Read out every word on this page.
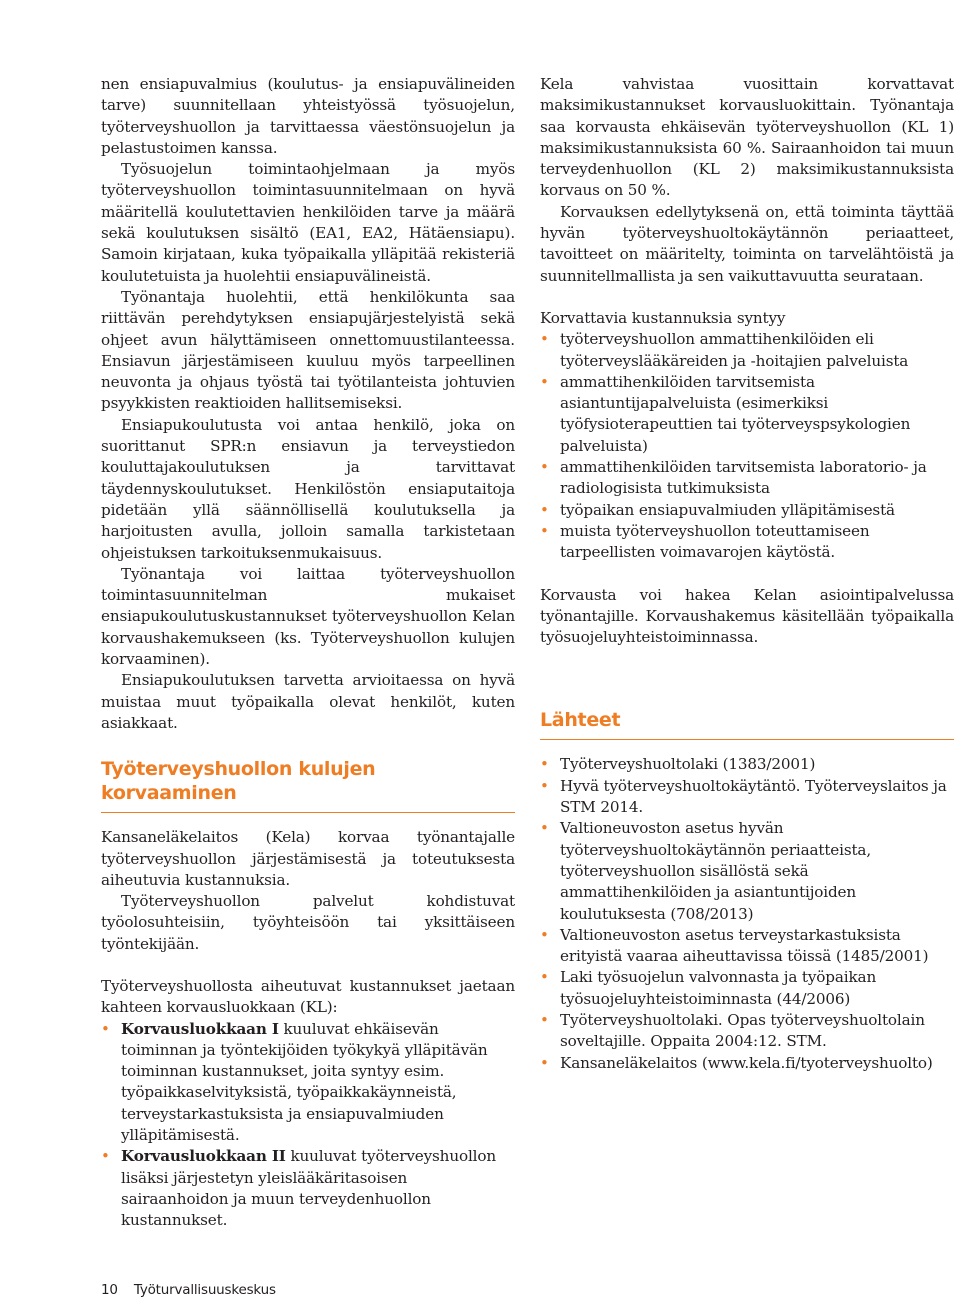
nen ensiapuvalmius (koulutus- ja ensiapuvälineiden tarve) suunnitellaan yhteistyössä työsuojelun, työterveyshuollon ja tarvittaessa väestönsuojelun ja pelastustoimen kanssa.

Työsuojelun toimintaohjelmaan ja myös työterveyshuollon toimintasuunnitelmaan on hyvä määritellä koulutettavien henkilöiden tarve ja määrä sekä koulutuksen sisältö (EA1, EA2, Hätäensiapu). Samoin kirjataan, kuka työpaikalla ylläpitää rekisteriä koulutetuista ja huolehtii ensiapuvälineistä.

Työnantaja huolehtii, että henkilökunta saa riittävän perehdytyksen ensiapujärjestelyistä sekä ohjeet avun hälyttämiseen onnettomuustilanteessa. Ensiavun järjestämiseen kuuluu myös tarpeellinen neuvonta ja ohjaus työstä tai työtilanteista johtuvien psyykkisten reaktioiden hallitsemiseksi.

Ensiapukoulutusta voi antaa henkilö, joka on suorittanut SPR:n ensiavun ja terveystiedon kouluttajakoulutuksen ja tarvittavat täydennyskoulutukset. Henkilöstön ensiaputaitoja pidetään yllä säännöllisellä koulutuksella ja harjoitusten avulla, jolloin samalla tarkistetaan ohjeistuksen tarkoituksenmukaisuus.

Työnantaja voi laittaa työterveyshuollon toimintasuunnitelman mukaiset ensiapukoulutuskustannukset työterveyshuollon Kelan korvaushakemukseen (ks. Työterveyshuollon kulujen korvaaminen).

Ensiapukoulutuksen tarvetta arvioitaessa on hyvä muistaa muut työpaikalla olevat henkilöt, kuten asiakkaat.

Työterveyshuollon kulujen korvaaminen

Kansaneläkelaitos (Kela) korvaa työnantajalle työterveyshuollon järjestämisestä ja toteutuksesta aiheutuvia kustannuksia.

Työterveyshuollon palvelut kohdistuvat työolosuhteisiin, työyhteisöön tai yksittäiseen työntekijään.

Työterveyshuollosta aiheutuvat kustannukset jaetaan kahteen korvausluokkaan (KL):

• Korvausluokkaan I kuuluvat ehkäisevän toiminnan ja työntekijöiden työkykyä ylläpitävän toiminnan kustannukset, joita syntyy esim. työpaikkaselvityksistä, työpaikkakäynneistä, terveystarkastuksista ja ensiapuvalmiuden ylläpitämisestä.
• Korvausluokkaan II kuuluvat työterveyshuollon lisäksi järjestetyn yleislääkäritasoisen sairaanhoidon ja muun terveydenhuollon kustannukset.

Kela vahvistaa vuosittain korvattavat maksimikustannukset korvausluokittain. Työnantaja saa korvausta ehkäisevän työterveyshuollon (KL 1) maksimikustannuksista 60 %. Sairaanhoidon tai muun terveydenhuollon (KL 2) maksimikustannuksista korvaus on 50 %.

Korvauksen edellytyksenä on, että toiminta täyttää hyvän työterveyshuoltokäytännön periaatteet, tavoitteet on määritelty, toiminta on tarvelähtöistä ja suunnitellmallista ja sen vaikuttavuutta seurataan.

Korvattavia kustannuksia syntyy

• työterveyshuollon ammattihenkilöiden eli työterveyslääkäreiden ja -hoitajien palveluista
• ammattihenkilöiden tarvitsemista asiantuntijapalveluista (esimerkiksi työfysioterapeuttien tai työterveyspsykologien palveluista)
• ammattihenkilöiden tarvitsemista laboratorio- ja radiologisista tutkimuksista
• työpaikan ensiapuvalmiuden ylläpitämisestä
• muista työterveyshuollon toteuttamiseen tarpeellisten voimavarojen käytöstä.

Korvausta voi hakea Kelan asiointipalvelussa työnantajille. Korvaushakemus käsitellään työpaikalla työsuojeluyhteistoiminnassa.

Lähteet
• Työterveyshuoltolaki (1383/2001)
• Hyvä työterveyshuoltokäytäntö. Työterveyslaitos ja STM 2014.
• Valtioneuvoston asetus hyvän työterveyshuoltokäytännön periaatteista, työterveyshuollon sisällöstä sekä ammattihenkilöiden ja asiantuntijoiden koulutuksesta (708/2013)
• Valtioneuvoston asetus terveystarkastuksista erityistä vaaraa aiheuttavissa töissä (1485/2001)
• Laki työsuojelun valvonnasta ja työpaikan työsuojeluyhteistoiminnasta (44/2006)
• Työterveyshuoltolaki. Opas työterveyshuoltolain soveltajille. Oppaita 2004:12. STM.
• Kansaneläkelaitos (www.kela.fi/tyoterveyshuolto)
10 Työturvallisuuskeskus
